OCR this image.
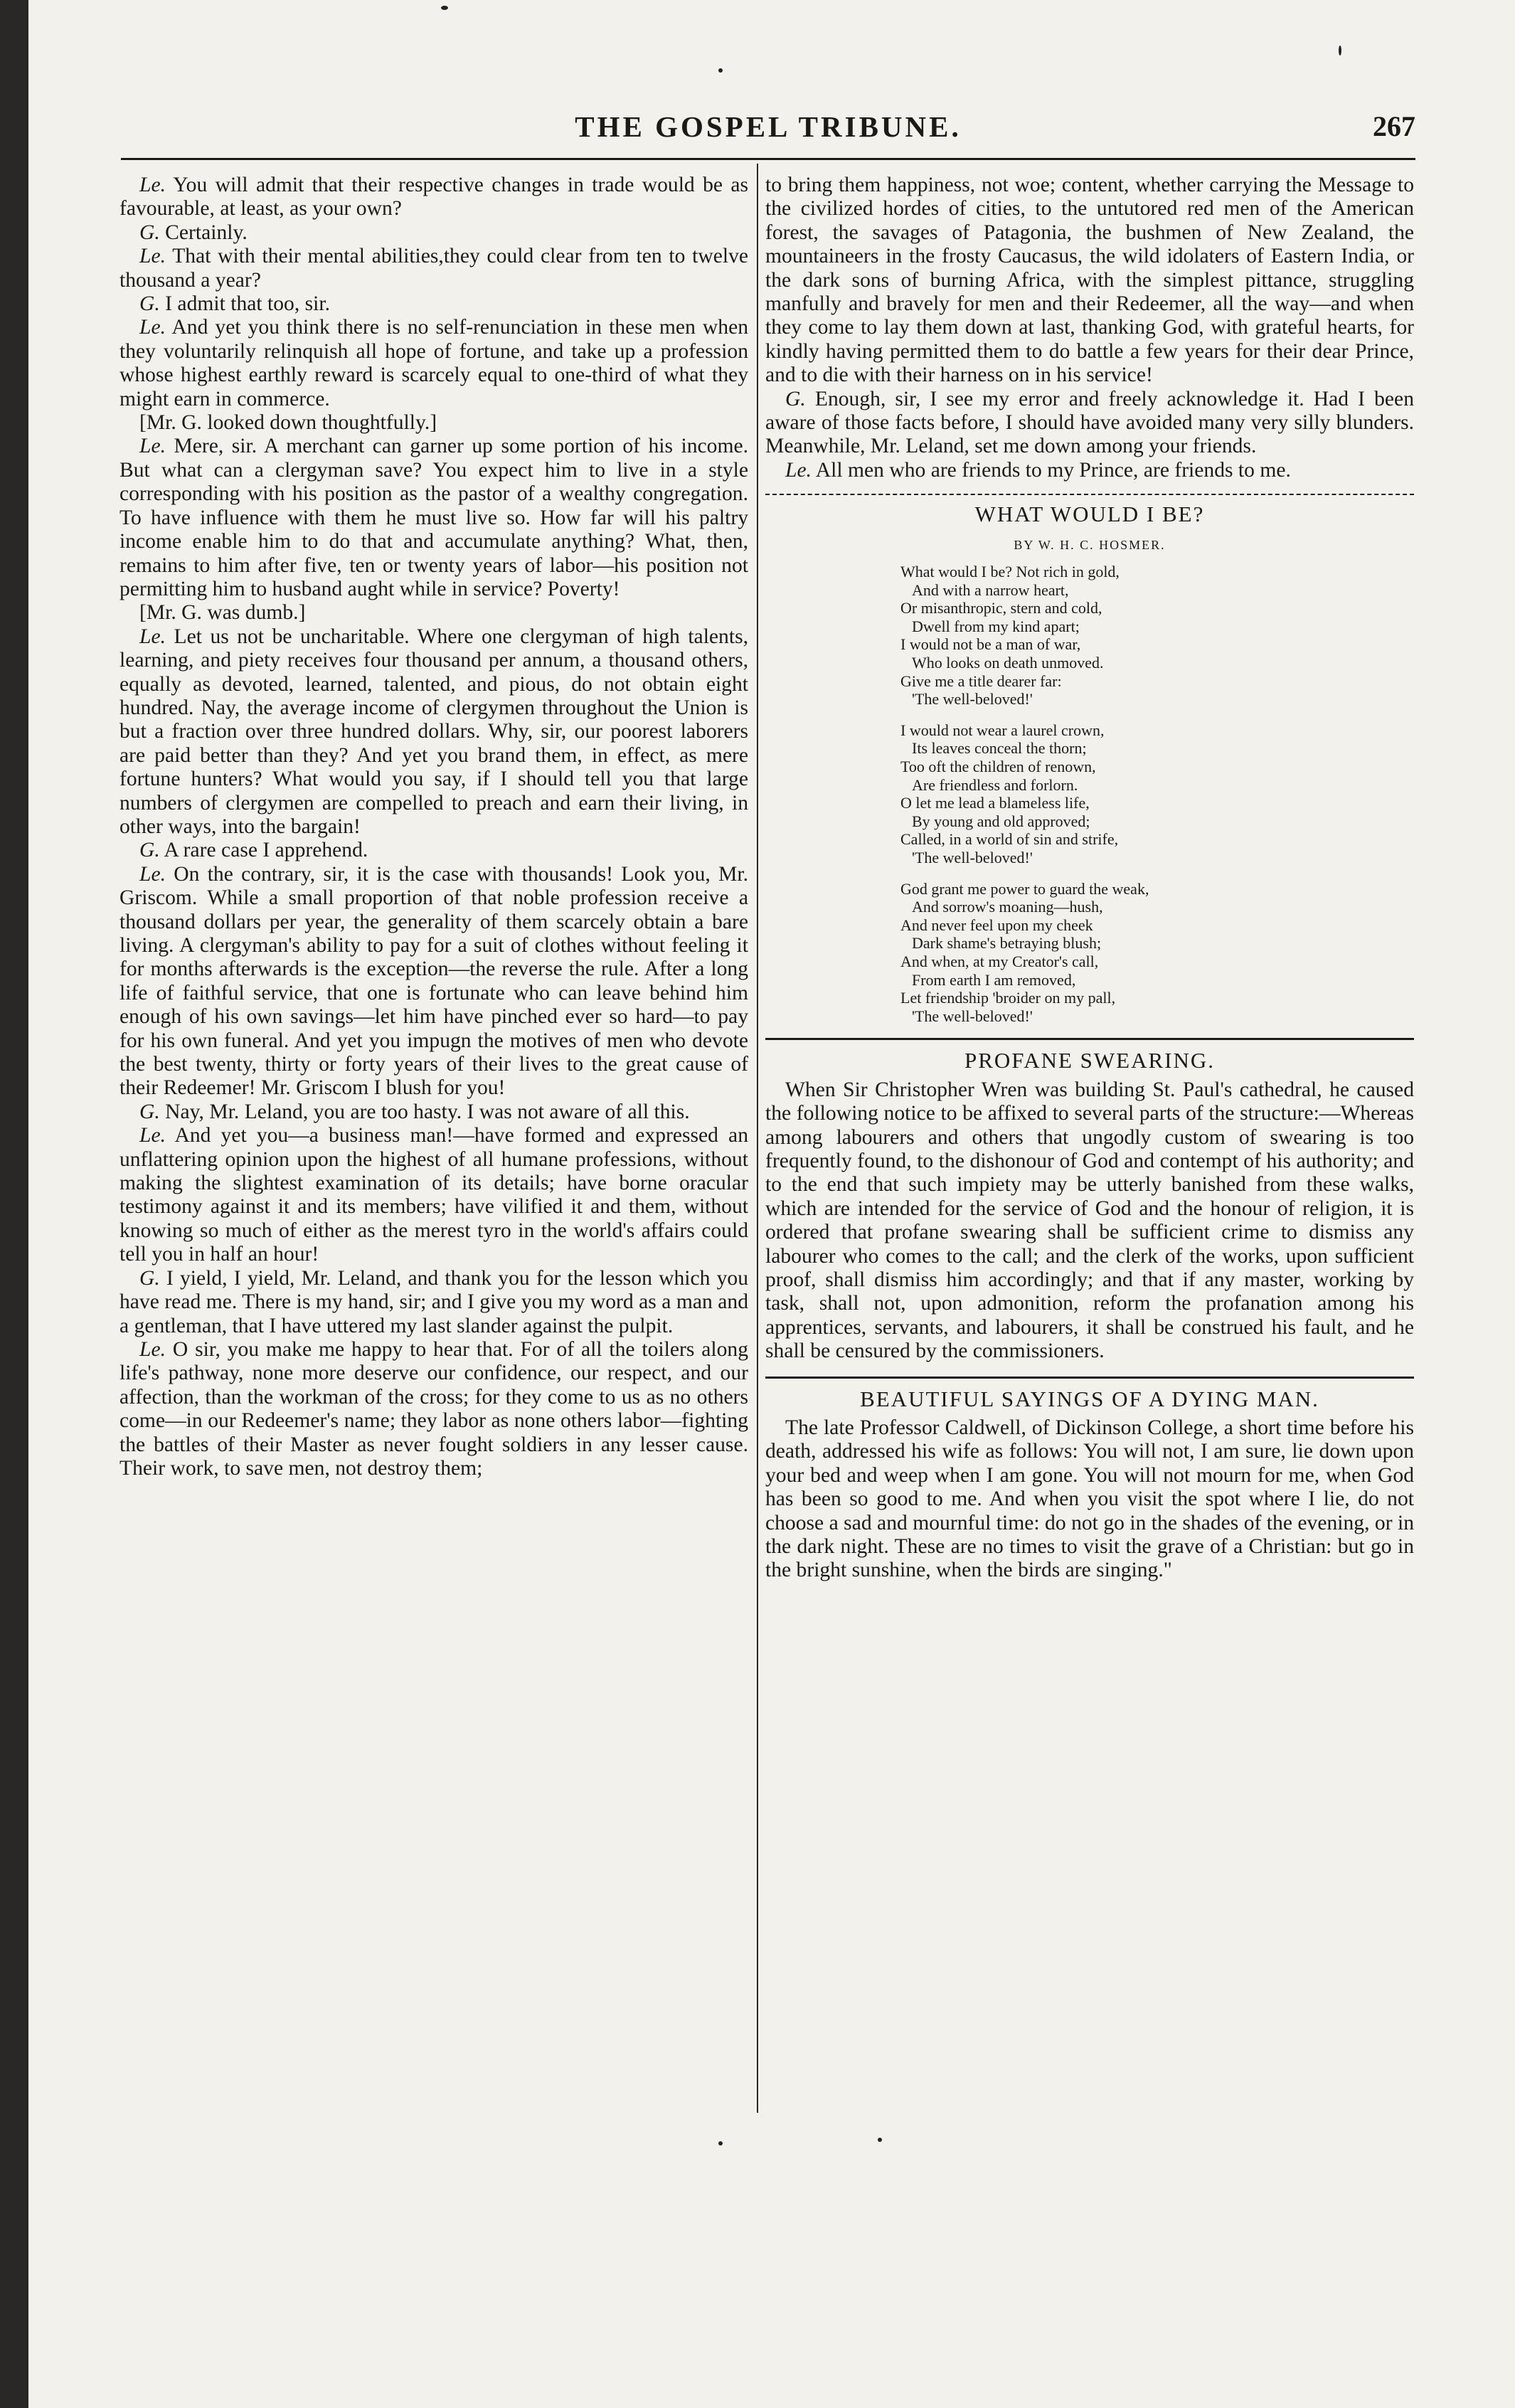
THE GOSPEL TRIBUNE.	267

Le. You will admit that their respective changes in trade would be as favourable, at least, as your own?

G. Certainly.

Le. That with their mental abilities,they could clear from ten to twelve thousand a year?

G. I admit that too, sir.

Le. And yet you think there is no self-renunciation in these men when they voluntarily relinquish all hope of fortune, and take up a profession whose highest earthly reward is scarcely equal to one-third of what they might earn in commerce.

[Mr. G. looked down thoughtfully.]

Le. Mere, sir. A merchant can garner up some portion of his income. But what can a clergyman save? You expect him to live in a style corresponding with his position as the pastor of a wealthy congregation. To have influence with them he must live so. How far will his paltry income enable him to do that and accumulate anything? What, then, remains to him after five, ten or twenty years of labor—his position not permitting him to husband aught while in service? Poverty!

[Mr. G. was dumb.]

Le. Let us not be uncharitable. Where one clergyman of high talents, learning, and piety receives four thousand per annum, a thousand others, equally as devoted, learned, talented, and pious, do not obtain eight hundred. Nay, the average income of clergymen throughout the Union is but a fraction over three hundred dollars. Why, sir, our poorest laborers are paid better than they? And yet you brand them, in effect, as mere fortune hunters? What would you say, if I should tell you that large numbers of clergymen are compelled to preach and earn their living, in other ways, into the bargain!

G. A rare case I apprehend.

Le. On the contrary, sir, it is the case with thousands! Look you, Mr. Griscom. While a small proportion of that noble profession receive a thousand dollars per year, the generality of them scarcely obtain a bare living. A clergyman's ability to pay for a suit of clothes without feeling it for months afterwards is the exception—the reverse the rule. After a long life of faithful service, that one is fortunate who can leave behind him enough of his own savings—let him have pinched ever so hard—to pay for his own funeral. And yet you impugn the motives of men who devote the best twenty, thirty or forty years of their lives to the great cause of their Redeemer! Mr. Griscom I blush for you!

G. Nay, Mr. Leland, you are too hasty. I was not aware of all this.

Le. And yet you—a business man!—have formed and expressed an unflattering opinion upon the highest of all humane professions, without making the slightest examination of its details; have borne oracular testimony against it and its members; have vilified it and them, without knowing so much of either as the merest tyro in the world's affairs could tell you in half an hour!

G. I yield, I yield, Mr. Leland, and thank you for the lesson which you have read me. There is my hand, sir; and I give you my word as a man and a gentleman, that I have uttered my last slander against the pulpit.

Le. O sir, you make me happy to hear that. For of all the toilers along life's pathway, none more deserve our confidence, our respect, and our affection, than the workman of the cross; for they come to us as no others come—in our Redeemer's name; they labor as none others labor—fighting the battles of their Master as never fought soldiers in any lesser cause. Their work, to save men, not destroy them;

to bring them happiness, not woe; content, whether carrying the Message to the civilized hordes of cities, to the untutored red men of the American forest, the savages of Patagonia, the bushmen of New Zealand, the mountaineers in the frosty Caucasus, the wild idolaters of Eastern India, or the dark sons of burning Africa, with the simplest pittance, struggling manfully and bravely for men and their Redeemer, all the way—and when they come to lay them down at last, thanking God, with grateful hearts, for kindly having permitted them to do battle a few years for their dear Prince, and to die with their harness on in his service!

G. Enough, sir, I see my error and freely acknowledge it. Had I been aware of those facts before, I should have avoided many very silly blunders. Meanwhile, Mr. Leland, set me down among your friends.

Le. All men who are friends to my Prince, are friends to me.

WHAT WOULD I BE?
BY W. H. C. HOSMER.
What would I be? Not rich in gold,
And with a narrow heart,
Or misanthropic, stern and cold,
Dwell from my kind apart;
I would not be a man of war,
Who looks on death unmoved.
Give me a title dearer far:
'The well-beloved!'
I would not wear a laurel crown,
Its leaves conceal the thorn;
Too oft the children of renown,
Are friendless and forlorn.
O let me lead a blameless life,
By young and old approved;
Called, in a world of sin and strife,
'The well-beloved!'
God grant me power to guard the weak,
And sorrow's moaning—hush,
And never feel upon my cheek
Dark shame's betraying blush;
And when, at my Creator's call,
From earth I am removed,
Let friendship 'broider on my pall,
'The well-beloved!'
PROFANE SWEARING.

When Sir Christopher Wren was building St. Paul's cathedral, he caused the following notice to be affixed to several parts of the structure:—Whereas among labourers and others that ungodly custom of swearing is too frequently found, to the dishonour of God and contempt of his authority; and to the end that such impiety may be utterly banished from these walks, which are intended for the service of God and the honour of religion, it is ordered that profane swearing shall be sufficient crime to dismiss any labourer who comes to the call; and the clerk of the works, upon sufficient proof, shall dismiss him accordingly; and that if any master, working by task, shall not, upon admonition, reform the profanation among his apprentices, servants, and labourers, it shall be construed his fault, and he shall be censured by the commissioners.

BEAUTIFUL SAYINGS OF A DYING MAN.

The late Professor Caldwell, of Dickinson College, a short time before his death, addressed his wife as follows: You will not, I am sure, lie down upon your bed and weep when I am gone. You will not mourn for me, when God has been so good to me. And when you visit the spot where I lie, do not choose a sad and mournful time: do not go in the shades of the evening, or in the dark night. These are no times to visit the grave of a Christian: but go in the bright sunshine, when the birds are singing."
